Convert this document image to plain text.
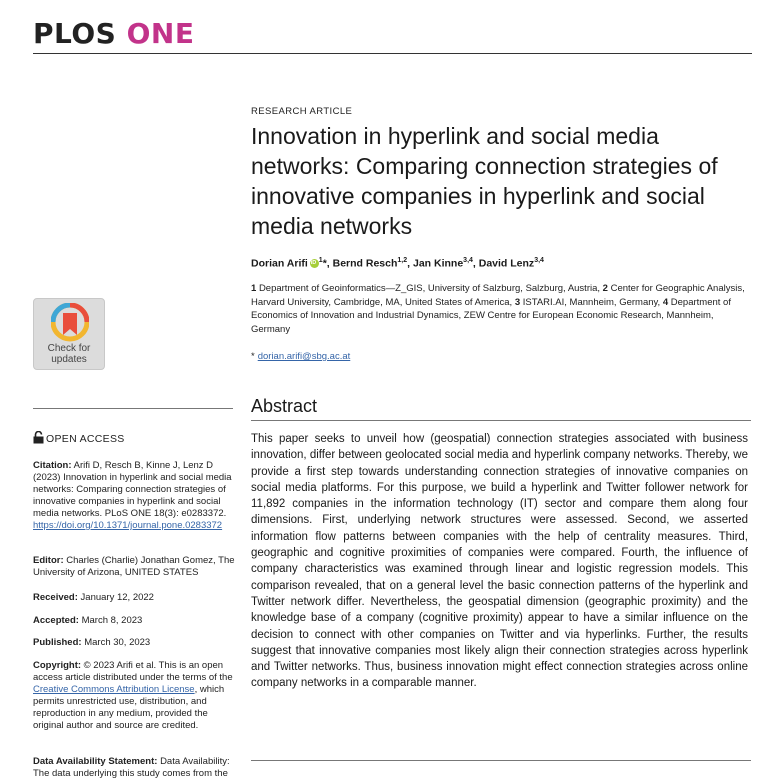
PLOS ONE
Check for updates
OPEN ACCESS
Citation: Arifi D, Resch B, Kinne J, Lenz D (2023) Innovation in hyperlink and social media networks: Comparing connection strategies of innovative companies in hyperlink and social media networks. PLoS ONE 18(3): e0283372. https://doi.org/10.1371/journal.pone.0283372
Editor: Charles (Charlie) Jonathan Gomez, The University of Arizona, UNITED STATES
Received: January 12, 2022
Accepted: March 8, 2023
Published: March 30, 2023
Copyright: © 2023 Arifi et al. This is an open access article distributed under the terms of the Creative Commons Attribution License, which permits unrestricted use, distribution, and reproduction in any medium, provided the original author and source are credited.
Data Availability Statement: Data Availability: The data underlying this study comes from the
RESEARCH ARTICLE
Innovation in hyperlink and social media networks: Comparing connection strategies of innovative companies in hyperlink and social media networks
Dorian ArifiiD $^1$*, Bernd Resch$^{1,2}$, Jan Kinne$^{3,4}$, David Lenz$^{3,4}$
1 Department of Geoinformatics—Z_GIS, University of Salzburg, Salzburg, Austria, 2 Center for Geographic Analysis, Harvard University, Cambridge, MA, United States of America, 3 ISTARI.AI, Mannheim, Germany, 4 Department of Economics of Innovation and Industrial Dynamics, ZEW Centre for European Economic Research, Mannheim, Germany
* dorian.arifi@sbg.ac.at
Abstract
This paper seeks to unveil how (geospatial) connection strategies associated with business innovation, differ between geolocated social media and hyperlink company networks. Thereby, we provide a first step towards understanding connection strategies of innovative companies on social media platforms. For this purpose, we build a hyperlink and Twitter follower network for 11,892 companies in the information technology (IT) sector and compare them along four dimensions. First, underlying network structures were assessed. Second, we asserted information flow patterns between companies with the help of centrality measures. Third, geographic and cognitive proximities of companies were compared. Fourth, the influence of company characteristics was examined through linear and logistic regression models. This comparison revealed, that on a general level the basic connection patterns of the hyperlink and Twitter network differ. Nevertheless, the geospatial dimension (geographic proximity) and the knowledge base of a company (cognitive proximity) appear to have a similar influence on the decision to connect with other companies on Twitter and via hyperlinks. Further, the results suggest that innovative companies most likely align their connection strategies across hyperlink and Twitter networks. Thus, business innovation might effect connection strategies across online company networks in a comparable manner.
